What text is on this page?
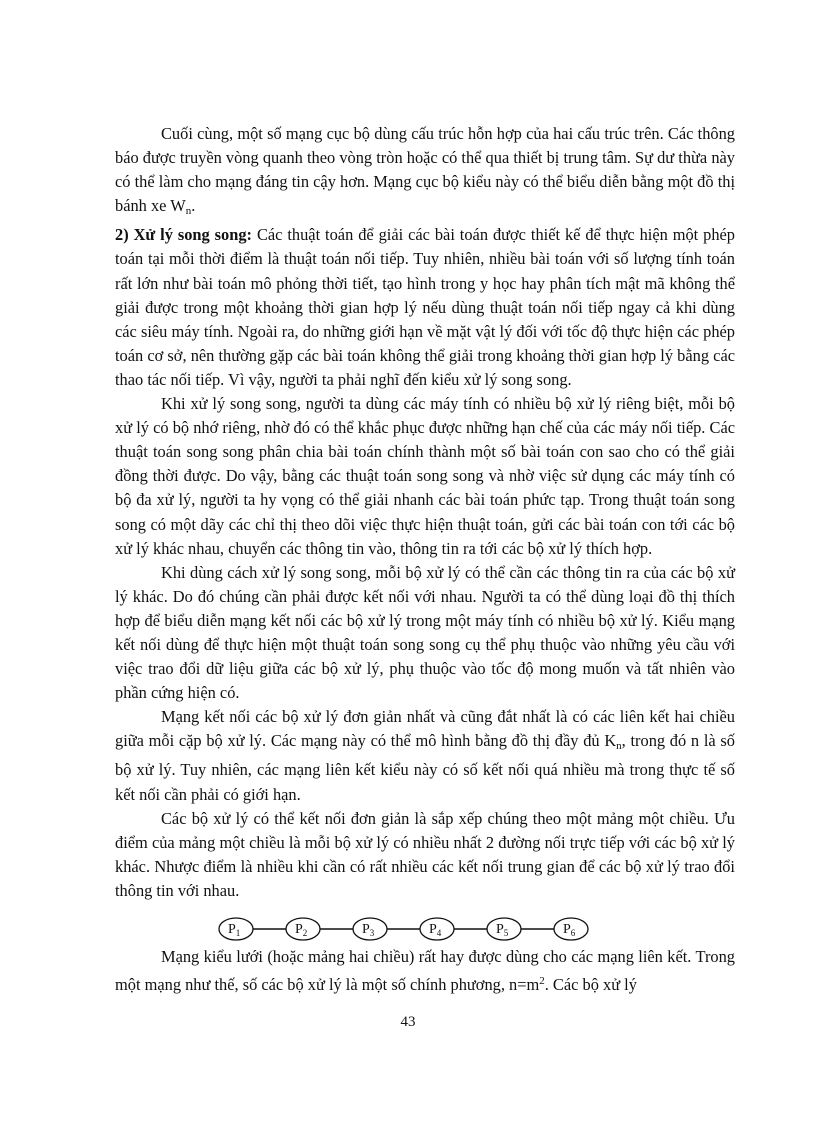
Cuối cùng, một số mạng cục bộ dùng cấu trúc hỗn hợp của hai cấu trúc trên. Các thông báo được truyền vòng quanh theo vòng tròn hoặc có thể qua thiết bị trung tâm. Sự dư thừa này có thể làm cho mạng đáng tin cậy hơn. Mạng cục bộ kiểu này có thể biểu diễn bằng một đồ thị bánh xe $W_n$.

2) Xử lý song song: Các thuật toán để giải các bài toán được thiết kế để thực hiện một phép toán tại mỗi thời điểm là thuật toán nối tiếp. Tuy nhiên, nhiều bài toán với số lượng tính toán rất lớn như bài toán mô phỏng thời tiết, tạo hình trong y học hay phân tích mật mã không thể giải được trong một khoảng thời gian hợp lý nếu dùng thuật toán nối tiếp ngay cả khi dùng các siêu máy tính. Ngoài ra, do những giới hạn về mặt vật lý đối với tốc độ thực hiện các phép toán cơ sở, nên thường gặp các bài toán không thể giải trong khoảng thời gian hợp lý bằng các thao tác nối tiếp. Vì vậy, người ta phải nghĩ đến kiểu xử lý song song.

Khi xử lý song song, người ta dùng các máy tính có nhiều bộ xử lý riêng biệt, mỗi bộ xử lý có bộ nhớ riêng, nhờ đó có thể khắc phục được những hạn chế của các máy nối tiếp. Các thuật toán song song phân chia bài toán chính thành một số bài toán con sao cho có thể giải đồng thời được. Do vậy, bằng các thuật toán song song và nhờ việc sử dụng các máy tính có bộ đa xử lý, người ta hy vọng có thể giải nhanh các bài toán phức tạp. Trong thuật toán song song có một dãy các chỉ thị theo dõi việc thực hiện thuật toán, gửi các bài toán con tới các bộ xử lý khác nhau, chuyển các thông tin vào, thông tin ra tới các bộ xử lý thích hợp.

Khi dùng cách xử lý song song, mỗi bộ xử lý có thể cần các thông tin ra của các bộ xử lý khác. Do đó chúng cần phải được kết nối với nhau. Người ta có thể dùng loại đồ thị thích hợp để biểu diễn mạng kết nối các bộ xử lý trong một máy tính có nhiều bộ xử lý. Kiểu mạng kết nối dùng để thực hiện một thuật toán song song cụ thể phụ thuộc vào những yêu cầu với việc trao đổi dữ liệu giữa các bộ xử lý, phụ thuộc vào tốc độ mong muốn và tất nhiên vào phần cứng hiện có.

Mạng kết nối các bộ xử lý đơn giản nhất và cũng đắt nhất là có các liên kết hai chiều giữa mỗi cặp bộ xử lý. Các mạng này có thể mô hình bằng đồ thị đầy đủ $K_n$, trong đó n là số bộ xử lý. Tuy nhiên, các mạng liên kết kiểu này có số kết nối quá nhiều mà trong thực tế số kết nối cần phải có giới hạn.

Các bộ xử lý có thể kết nối đơn giản là sắp xếp chúng theo một mảng một chiều. Ưu điểm của mảng một chiều là mỗi bộ xử lý có nhiều nhất 2 đường nối trực tiếp với các bộ xử lý khác. Nhược điểm là nhiều khi cần có rất nhiều các kết nối trung gian để các bộ xử lý trao đổi thông tin với nhau.

$P_1$	$P_2$	$P_3$	$P_4$	$P_5$	$P_6$

Mạng kiểu lưới (hoặc mảng hai chiều) rất hay được dùng cho các mạng liên kết. Trong một mạng như thế, số các bộ xử lý là một số chính phương, $n=m^2$. Các bộ xử lý

43
